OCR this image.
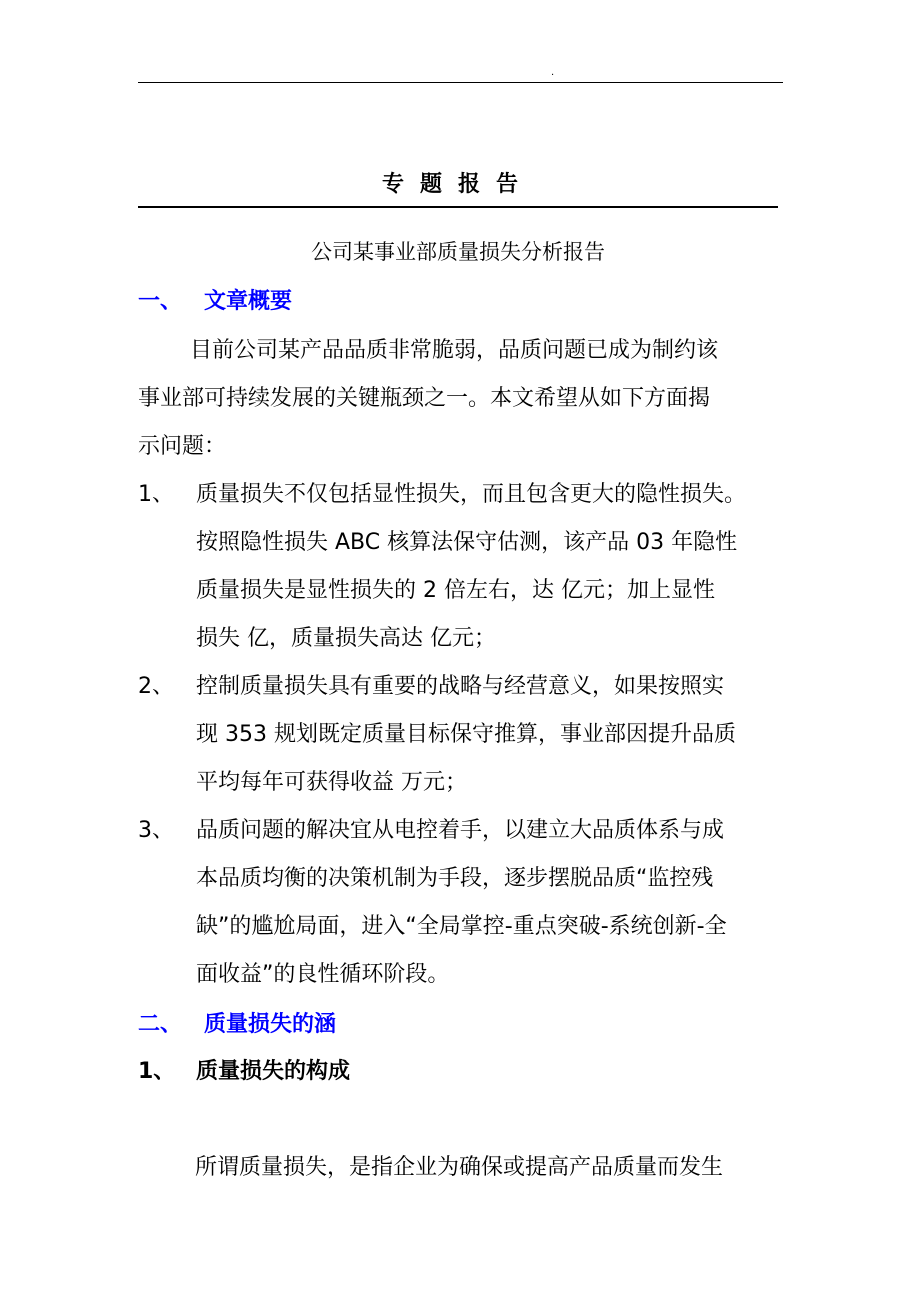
.
专题报告
公司某事业部质量损失分析报告
一、 文章概要
目前公司某产品品质非常脆弱，品质问题已成为制约该
事业部可持续发展的关键瓶颈之一。本文希望从如下方面揭
示问题：
1、 质量损失不仅包括显性损失，而且包含更大的隐性损失。
按照隐性损失 ABC 核算法保守估测，该产品 03 年隐性
质量损失是显性损失的 2 倍左右，达 亿元；加上显性
损失 亿，质量损失高达 亿元；
2、 控制质量损失具有重要的战略与经营意义，如果按照实
现 353 规划既定质量目标保守推算，事业部因提升品质
平均每年可获得收益 万元；
3、 品质问题的解决宜从电控着手，以建立大品质体系与成
本品质均衡的决策机制为手段，逐步摆脱品质“监控残
缺”的尴尬局面，进入“全局掌控-重点突破-系统创新-全
面收益”的良性循环阶段。
二、 质量损失的涵
1、 质量损失的构成
所谓质量损失，是指企业为确保或提高产品质量而发生
